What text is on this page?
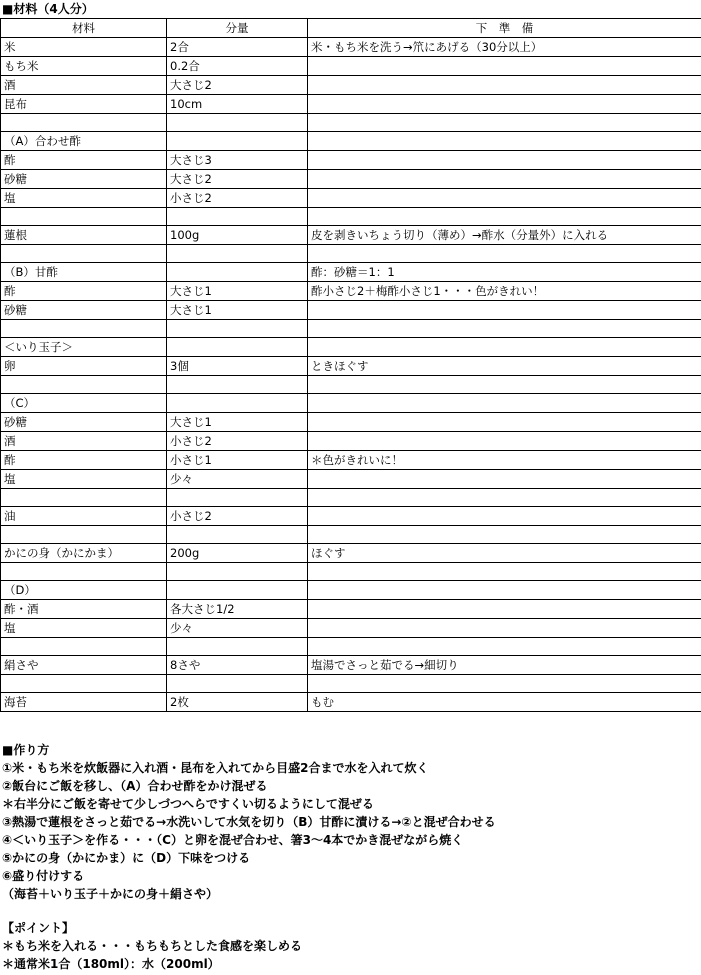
■材料（4人分）
材料	分量	下　準　備
米	2合	米・もち米を洗う→笊にあげる（30分以上）
もち米	0.2合	
酒	大さじ2	
昆布	10cm	

（A）合わせ酢		
酢	大さじ3	
砂糖	大さじ2	
塩	小さじ2	

蓮根	100g	皮を剥きいちょう切り（薄め）→酢水（分量外）に入れる

（B）甘酢		酢：砂糖＝1：1
酢	大さじ1	酢小さじ2＋梅酢小さじ1・・・色がきれい！
砂糖	大さじ1	

＜いり玉子＞		
卵	3個	ときほぐす

（C）		
砂糖	大さじ1	
酒	小さじ2	
酢	小さじ1	＊色がきれいに！
塩	少々	

油	小さじ2	

かにの身（かにかま）	200g	ほぐす

（D）		
酢・酒	各大さじ1/2	
塩	少々	

絹さや	8さや	塩湯でさっと茹でる→細切り

海苔	2枚	もむ
■作り方
①米・もち米を炊飯器に入れ酒・昆布を入れてから目盛2合まで水を入れて炊く
②飯台にご飯を移し、（A）合わせ酢をかけ混ぜる
＊右半分にご飯を寄せて少しづつへらですくい切るようにして混ぜる
③熱湯で蓮根をさっと茹でる→水洗いして水気を切り（B）甘酢に漬ける→②と混ぜ合わせる
④＜いり玉子＞を作る・・・（C）と卵を混ぜ合わせ、箸3～4本でかき混ぜながら焼く
⑤かにの身（かにかま）に（D）下味をつける
⑥盛り付けする
（海苔＋いり玉子＋かにの身＋絹さや）
【ポイント】
＊もち米を入れる・・・もちもちとした食感を楽しめる
＊通常米1合（180ml）：水（200ml）
